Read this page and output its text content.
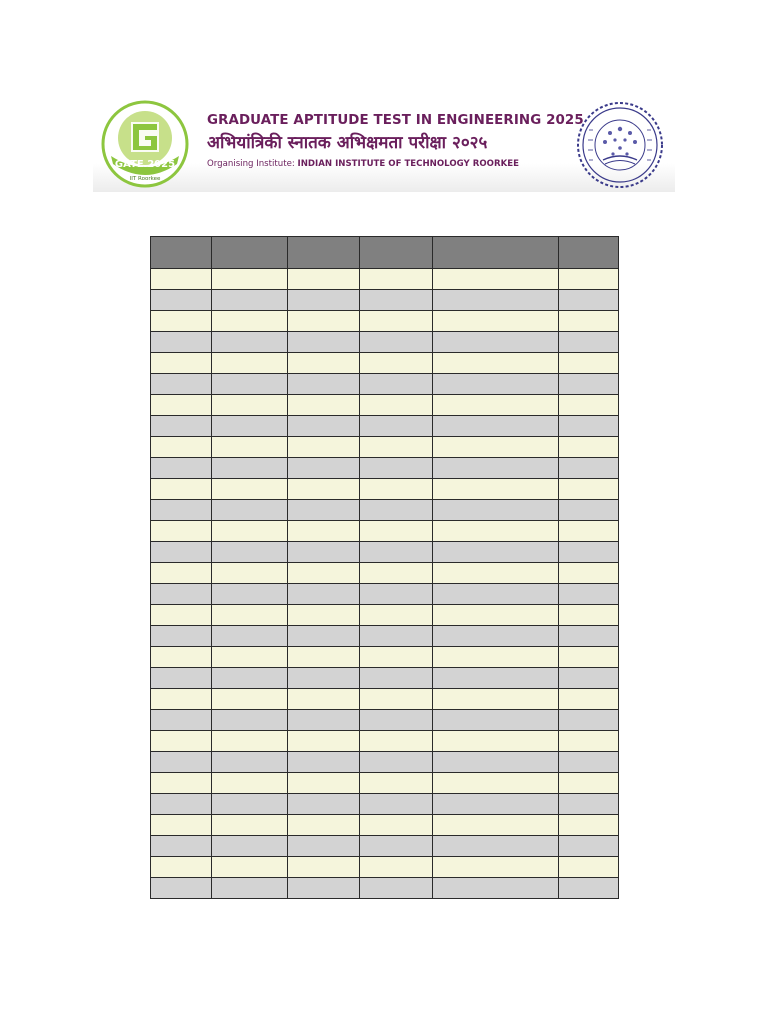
GATE 2025
IIT Roorkee
GRADUATE APTITUDE TEST IN ENGINEERING 2025
अभियांत्रिकी स्नातक अभिक्षमता परीक्षा २०२५
Organising Institute: INDIAN INSTITUTE OF TECHNOLOGY ROORKEE
